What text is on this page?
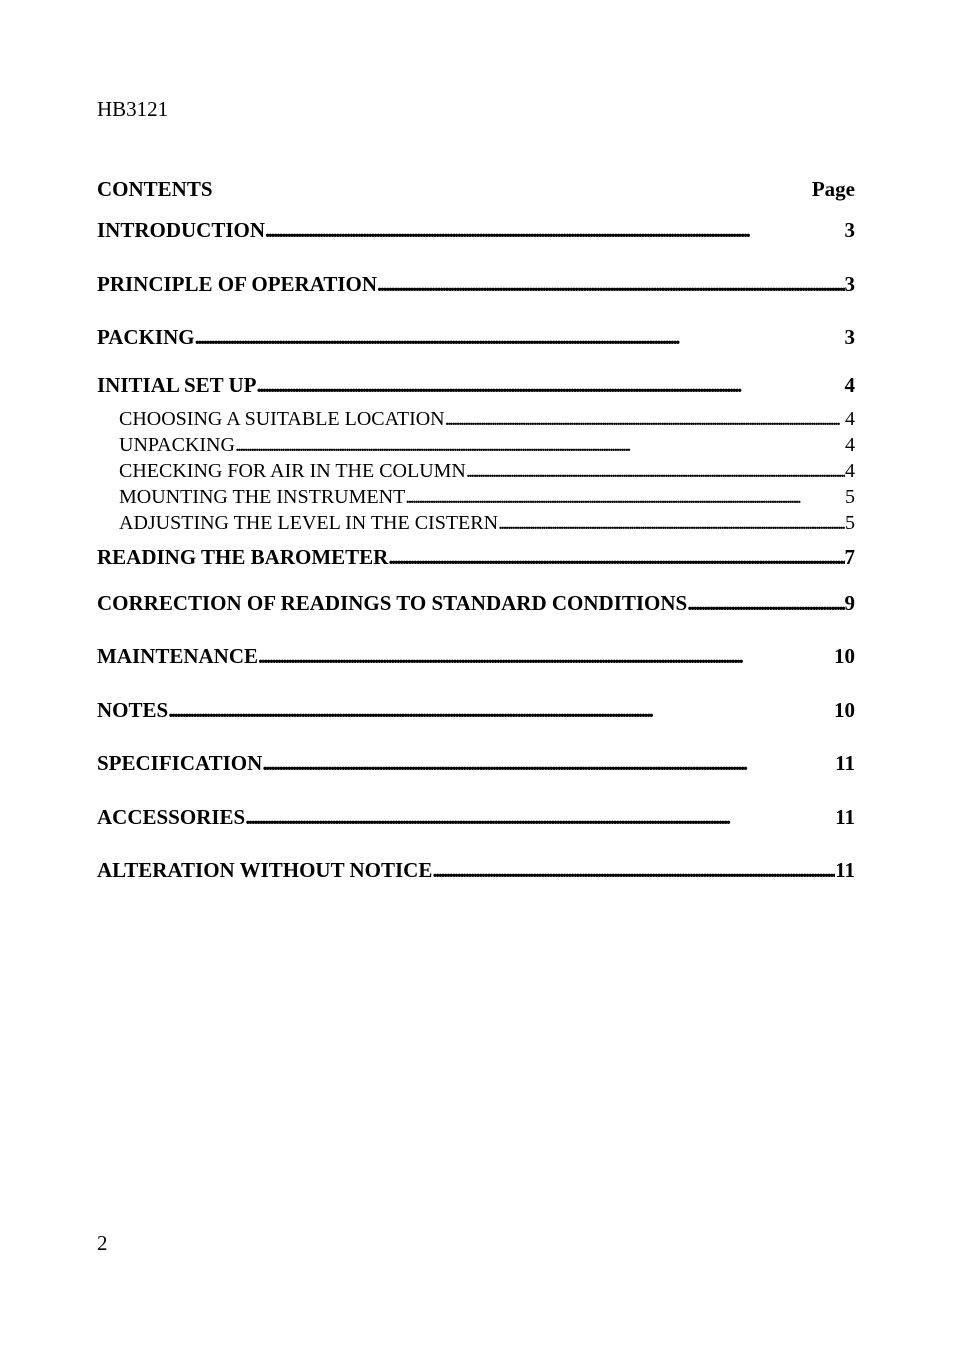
HB3121
CONTENTS	Page
INTRODUCTION . . .	3
PRINCIPLE OF OPERATION . . .	3
PACKING . . .	3
INITIAL SET UP . . .	4
CHOOSING A SUITABLE LOCATION . . .	4
UNPACKING . . .	4
CHECKING FOR AIR IN THE COLUMN . . .	4
MOUNTING THE INSTRUMENT . . .	5
ADJUSTING THE LEVEL IN THE CISTERN . . .	5
READING THE BAROMETER . . .	7
CORRECTION OF READINGS TO STANDARD CONDITIONS . . .	9
MAINTENANCE . . .	10
NOTES . . .	10
SPECIFICATION . . .	11
ACCESSORIES . . .	11
ALTERATION WITHOUT NOTICE . . .	11
2
